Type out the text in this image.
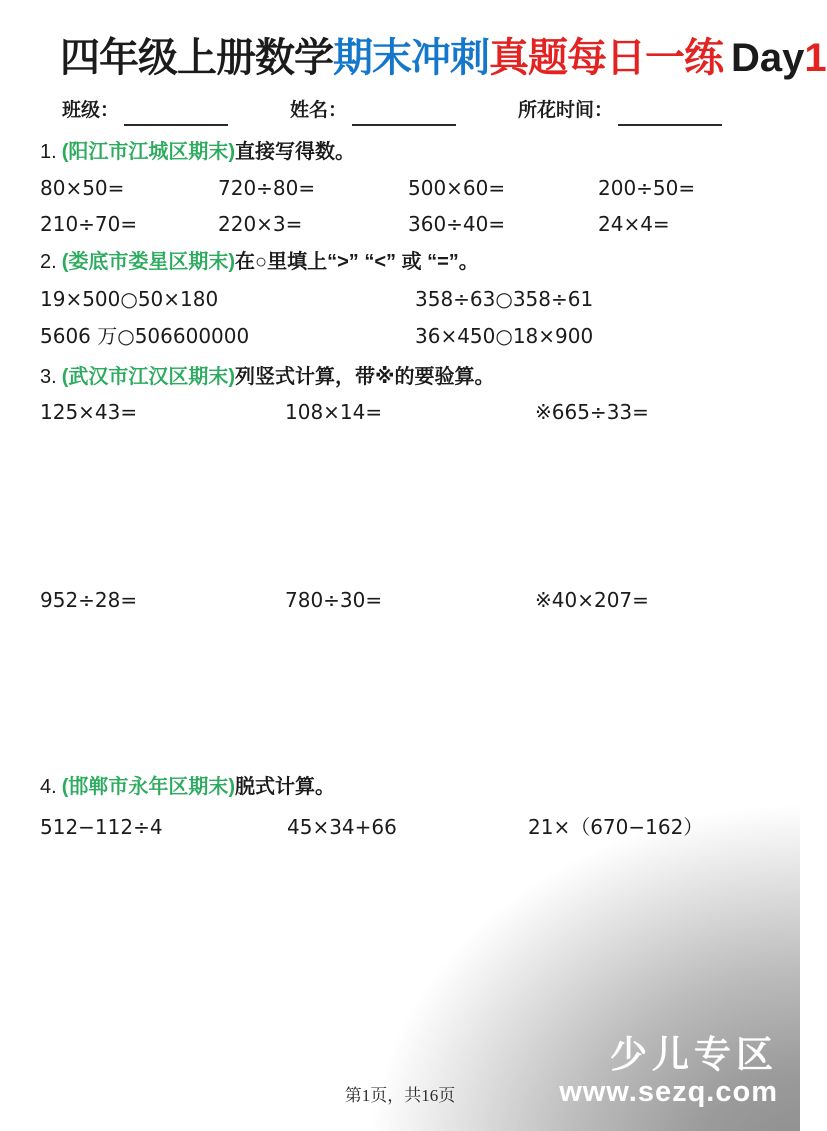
四年级上册数学期末冲刺真题每日一练 Day1
班级：	姓名：	所花时间：
1. (阳江市江城区期末)直接写得数。
80×50=	720÷80=	500×60=	200÷50=
210÷70=	220×3=	360÷40=	24×4=
2. (娄底市娄星区期末)在○里填上“>” “<” 或 “=”。
19×500○50×180	358÷63○358÷61
5606 万○506600000	36×450○18×900
3. (武汉市江汉区期末)列竖式计算，带※的要验算。
125×43=	108×14=	※665÷33=
952÷28=	780÷30=	※40×207=
4. (邯郸市永年区期末)脱式计算。
512−112÷4	45×34+66	21×（670−162）
第1页，共16页
少儿专区
www.sezq.com
